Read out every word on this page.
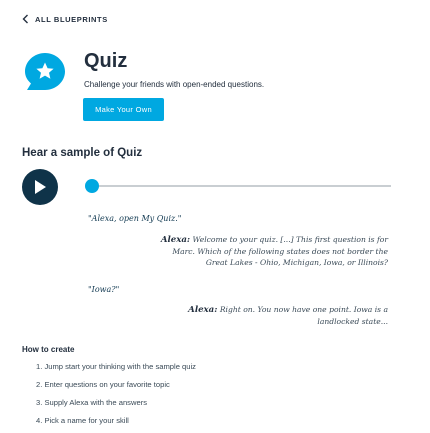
ALL BLUEPRINTS
Quiz
Challenge your friends with open-ended questions.
Make Your Own
Hear a sample of Quiz
"Alexa, open My Quiz."
Alexa: Welcome to your quiz. [...] This first question is for
Marc. Which of the following states does not border the
Great Lakes - Ohio, Michigan, Iowa, or Illinois?
"Iowa?"
Alexa: Right on. You now have one point. Iowa is a
landlocked state...
How to create
1. Jump start your thinking with the sample quiz
2. Enter questions on your favorite topic
3. Supply Alexa with the answers
4. Pick a name for your skill
